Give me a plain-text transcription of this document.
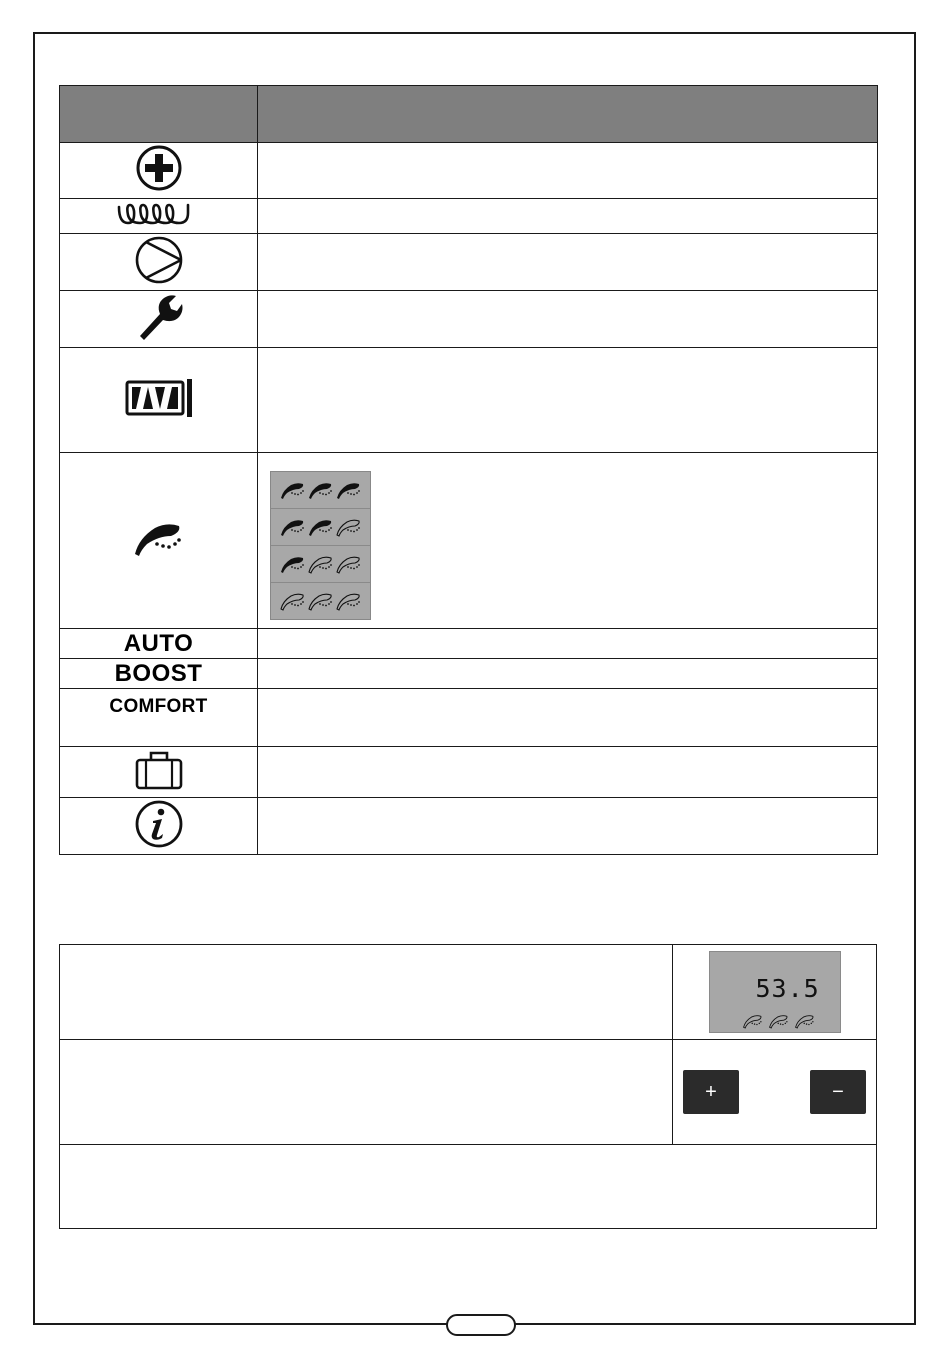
AUTO	

BOOST	

COMFORT	

	53.5

+ −
